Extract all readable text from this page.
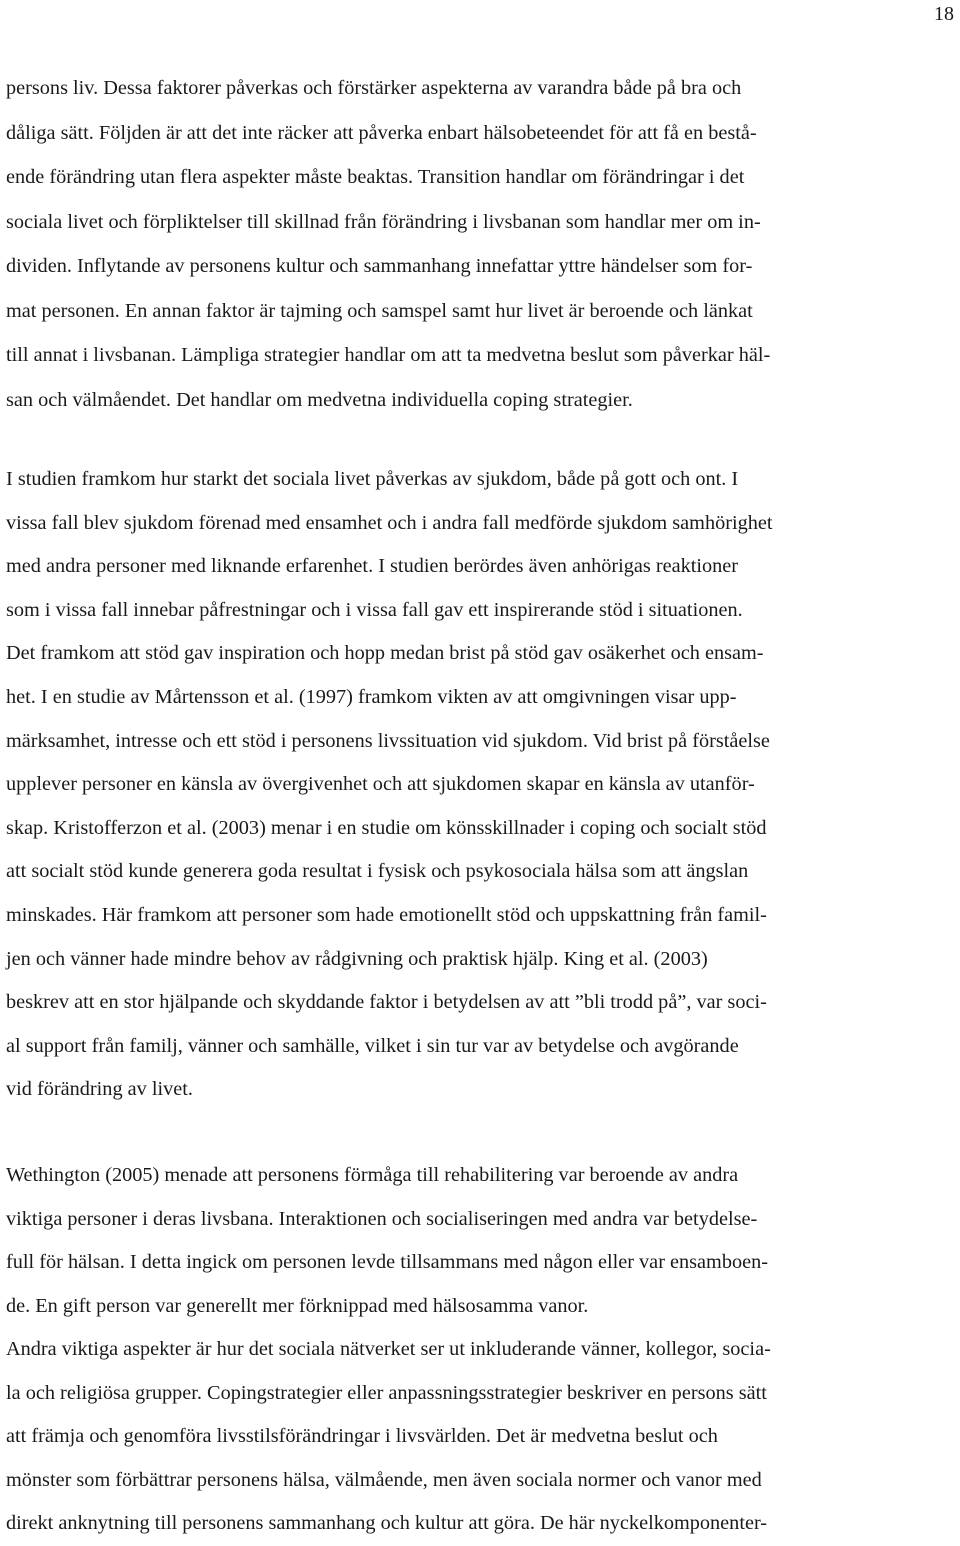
18
persons liv. Dessa faktorer påverkas och förstärker aspekterna av varandra både på bra och
dåliga sätt. Följden är att det inte räcker att påverka enbart hälsobeteendet för att få en bestå-
ende förändring utan flera aspekter måste beaktas. Transition handlar om förändringar i det
sociala livet och förpliktelser till skillnad från förändring i livsbanan som handlar mer om in-
dividen. Inflytande av personens kultur och sammanhang innefattar yttre händelser som for-
mat personen. En annan faktor är tajming och samspel samt hur livet är beroende och länkat
till annat i livsbanan. Lämpliga strategier handlar om att ta medvetna beslut som påverkar häl-
san och välmåendet. Det handlar om medvetna individuella coping strategier.
I studien framkom hur starkt det sociala livet påverkas av sjukdom, både på gott och ont. I
vissa fall blev sjukdom förenad med ensamhet och i andra fall medförde sjukdom samhörighet
med andra personer med liknande erfarenhet. I studien berördes även anhörigas reaktioner
som i vissa fall innebar påfrestningar och i vissa fall gav ett inspirerande stöd i situationen.
Det framkom att stöd gav inspiration och hopp medan brist på stöd gav osäkerhet och ensam-
het. I en studie av Mårtensson et al. (1997) framkom vikten av att omgivningen visar upp-
märksamhet, intresse och ett stöd i personens livssituation vid sjukdom. Vid brist på förståelse
upplever personer en känsla av övergivenhet och att sjukdomen skapar en känsla av utanför-
skap. Kristofferzon et al. (2003) menar i en studie om könsskillnader i coping och socialt stöd
att socialt stöd kunde generera goda resultat i fysisk och psykosociala hälsa som att ängslan
minskades. Här framkom att personer som hade emotionellt stöd och uppskattning från famil-
jen och vänner hade mindre behov av rådgivning och praktisk hjälp. King et al. (2003)
beskrev att en stor hjälpande och skyddande faktor i betydelsen av att ”bli trodd på”, var soci-
al support från familj, vänner och samhälle, vilket i sin tur var av betydelse och avgörande
vid förändring av livet.
Wethington (2005) menade att personens förmåga till rehabilitering var beroende av andra
viktiga personer i deras livsbana. Interaktionen och socialiseringen med andra var betydelse-
full för hälsan. I detta ingick om personen levde tillsammans med någon eller var ensamboen-
de. En gift person var generellt mer förknippad med hälsosamma vanor.
Andra viktiga aspekter är hur det sociala nätverket ser ut inkluderande vänner, kollegor, socia-
la och religiösa grupper. Copingstrategier eller anpassningsstrategier beskriver en persons sätt
att främja och genomföra livsstilsförändringar i livsvärlden. Det är medvetna beslut och
mönster som förbättrar personens hälsa, välmående, men även sociala normer och vanor med
direkt anknytning till personens sammanhang och kultur att göra. De här nyckelkomponenter-
